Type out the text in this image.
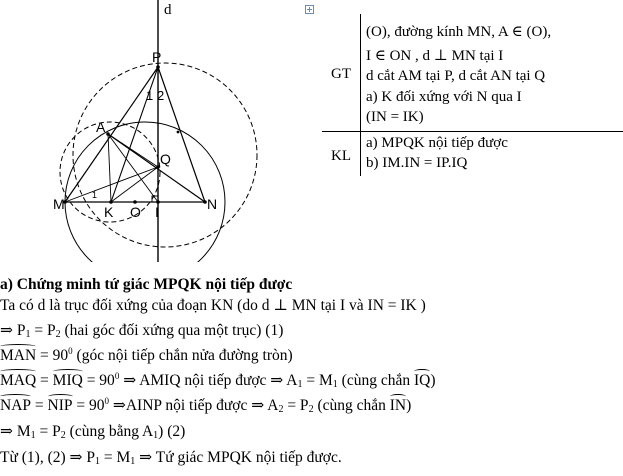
d
P
1 2
A
Q
1
M	K O I	N
GT
KL
(O), đường kính MN, A ∈ (O),
I ∈ ON , d ⊥ MN tại I
d cắt AM tại P, d cắt AN tại Q
a) K đối xứng với N qua I
(IN = IK)
a) MPQK nội tiếp được
b) IM.IN = IP.IQ
a) Chứng minh tứ giác MPQK nội tiếp được
Ta có d là trục đối xứng của đoạn KN (do d ⊥ MN tại I và IN = IK )
⇒ $P_1 = P_2$ (hai góc đối xứng qua một trục) (1)
MAN = $90^0$ (góc nội tiếp chắn nửa đường tròn)
MAQ = MIQ = $90^0$ ⇒ AMIQ nội tiếp được ⇒ $A_1 = M_1$ (cùng chắn IQ)
NAP = NIP = $90^0$ ⇒AINP nội tiếp được ⇒ $A_2 = P_2$ (cùng chắn IN)
⇒ $M_1 = P_2$ (cùng bằng $A_1$) (2)
Từ (1), (2) ⇒ $P_1 = M_1$ ⇒ Tứ giác MPQK nội tiếp được.
